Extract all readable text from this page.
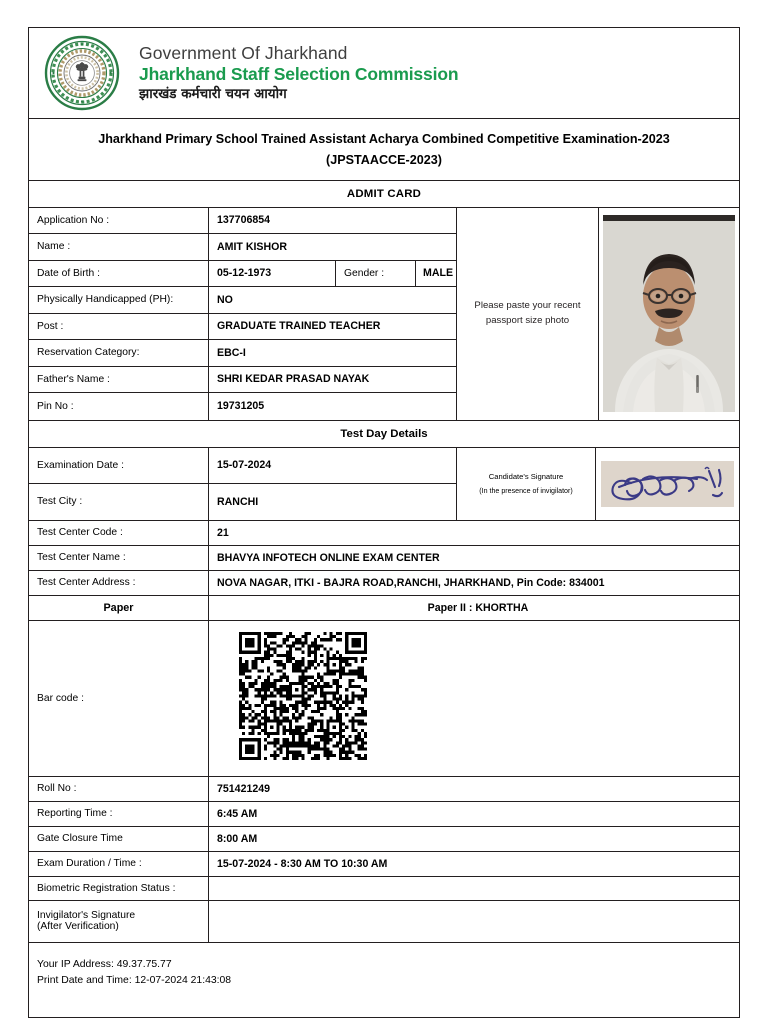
Government Of Jharkhand
Jharkhand Staff Selection Commission
झारखंड कर्मचारी चयन आयोग
Jharkhand Primary School Trained Assistant Acharya Combined Competitive Examination-2023
(JPSTAACCE-2023)
ADMIT CARD
Application No :	137706854
Name :	AMIT KISHOR
Date of Birth :	05-12-1973	Gender :	MALE
Physically Handicapped (PH):	NO
Post :	GRADUATE TRAINED TEACHER
Reservation Category:	EBC-I
Father's Name :	SHRI KEDAR PRASAD NAYAK
Pin No :	19731205
Please paste your recent
passport size photo
Test Day Details
Examination Date :	15-07-2024
Test City :	RANCHI
Candidate's Signature
(In the presence of invigilator)
Test Center Code :	21
Test Center Name :	BHAVYA INFOTECH ONLINE EXAM CENTER
Test Center Address :	NOVA NAGAR, ITKI - BAJRA ROAD,RANCHI, JHARKHAND, Pin Code: 834001
Paper	Paper II : KHORTHA
Bar code :
Roll No :	751421249
Reporting Time :	6:45 AM
Gate Closure Time	8:00 AM
Exam Duration / Time :	15-07-2024 - 8:30 AM TO 10:30 AM
Biometric Registration Status :
Invigilator's Signature
(After Verification)
Your IP Address: 49.37.75.77
Print Date and Time: 12-07-2024 21:43:08
